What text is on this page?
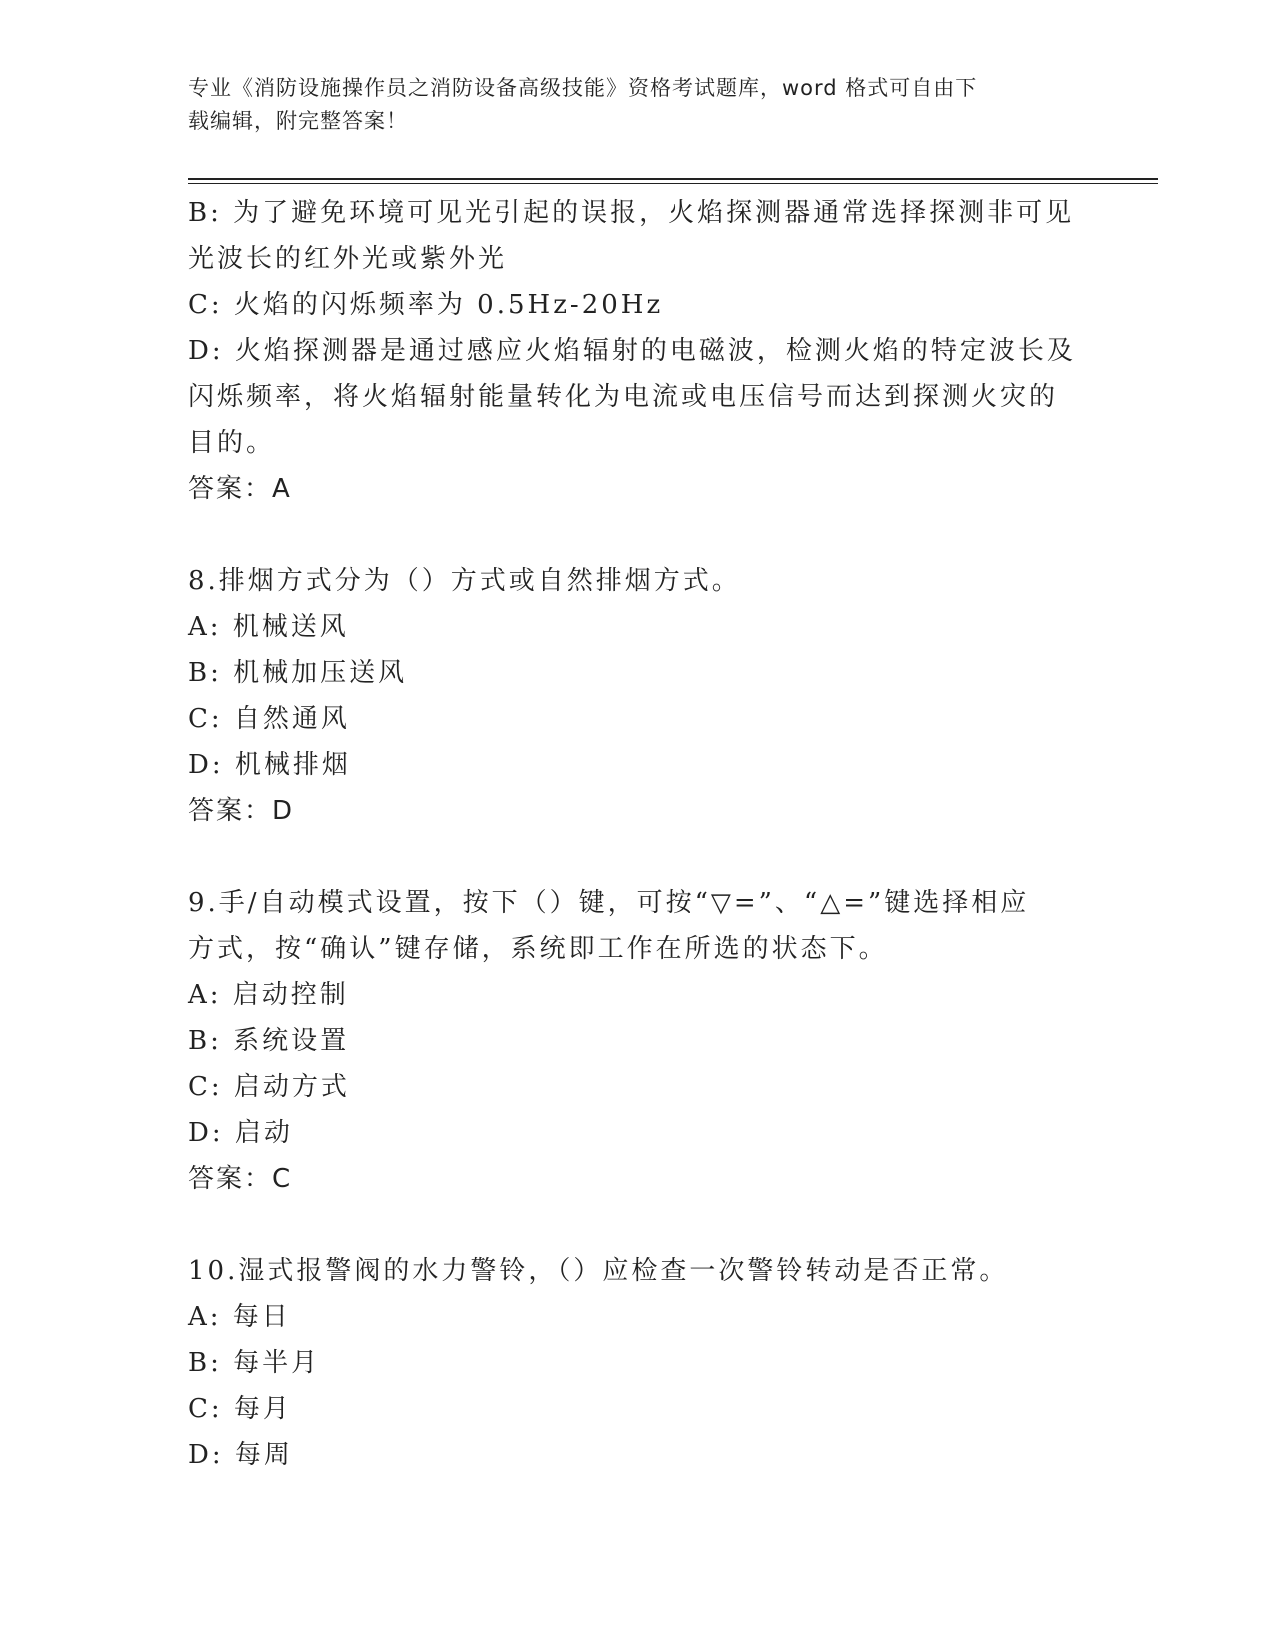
专业《消防设施操作员之消防设备高级技能》资格考试题库，word 格式可自由下
载编辑，附完整答案！
B: 为了避免环境可见光引起的误报，火焰探测器通常选择探测非可见
光波长的红外光或紫外光
C: 火焰的闪烁频率为 0.5Hz-20Hz
D: 火焰探测器是通过感应火焰辐射的电磁波，检测火焰的特定波长及
闪烁频率，将火焰辐射能量转化为电流或电压信号而达到探测火灾的
目的。
答案：A
8.排烟方式分为（）方式或自然排烟方式。
A: 机械送风
B: 机械加压送风
C: 自然通风
D: 机械排烟
答案：D
9.手/自动模式设置，按下（）键，可按“▽=”、“△=”键选择相应
方式，按“确认”键存储，系统即工作在所选的状态下。
A: 启动控制
B: 系统设置
C: 启动方式
D: 启动
答案：C
10.湿式报警阀的水力警铃，（）应检查一次警铃转动是否正常。
A: 每日
B: 每半月
C: 每月
D: 每周
